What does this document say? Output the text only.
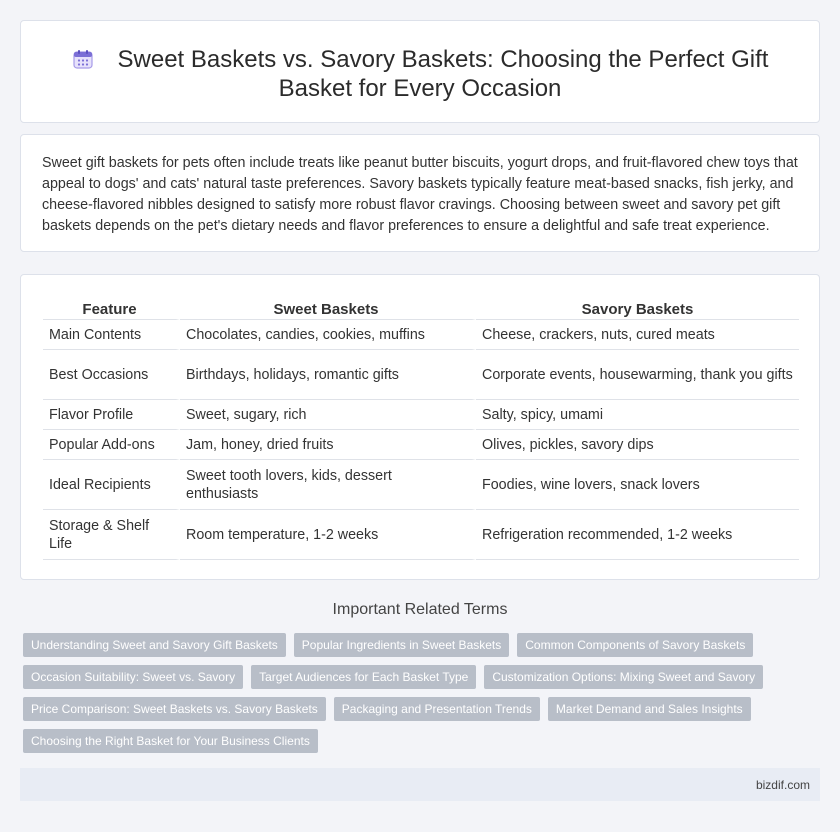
Sweet Baskets vs. Savory Baskets: Choosing the Perfect Gift Basket for Every Occasion

Sweet gift baskets for pets often include treats like peanut butter biscuits, yogurt drops, and fruit-flavored chew toys that appeal to dogs' and cats' natural taste preferences. Savory baskets typically feature meat-based snacks, fish jerky, and cheese-flavored nibbles designed to satisfy more robust flavor cravings. Choosing between sweet and savory pet gift baskets depends on the pet's dietary needs and flavor preferences to ensure a delightful and safe treat experience.

Feature	Sweet Baskets	Savory Baskets
Main Contents	Chocolates, candies, cookies, muffins	Cheese, crackers, nuts, cured meats
Best Occasions	Birthdays, holidays, romantic gifts	Corporate events, housewarming, thank you gifts
Flavor Profile	Sweet, sugary, rich	Salty, spicy, umami
Popular Add-ons	Jam, honey, dried fruits	Olives, pickles, savory dips
Ideal Recipients	Sweet tooth lovers, kids, dessert enthusiasts	Foodies, wine lovers, snack lovers
Storage & Shelf Life	Room temperature, 1-2 weeks	Refrigeration recommended, 1-2 weeks
Important Related Terms
Understanding Sweet and Savory Gift Baskets	Popular Ingredients in Sweet Baskets	Common Components of Savory Baskets
Occasion Suitability: Sweet vs. Savory	Target Audiences for Each Basket Type	Customization Options: Mixing Sweet and Savory
Price Comparison: Sweet Baskets vs. Savory Baskets	Packaging and Presentation Trends	Market Demand and Sales Insights
Choosing the Right Basket for Your Business Clients
bizdif.com
